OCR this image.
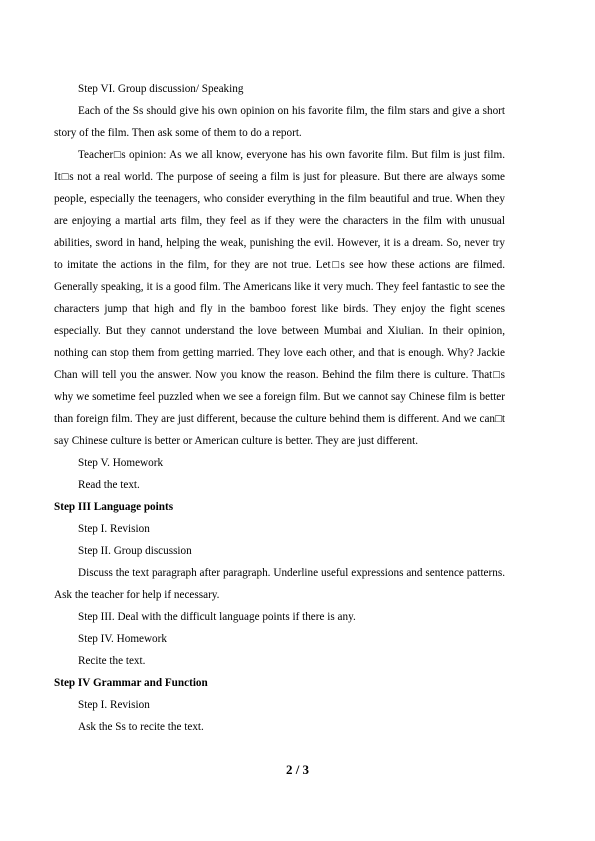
Step VI. Group discussion/ Speaking

Each of the Ss should give his own opinion on his favorite film, the film stars and give a short story of the film. Then ask some of them to do a report.

Teacher□s opinion: As we all know, everyone has his own favorite film. But film is just film. It□s not a real world. The purpose of seeing a film is just for pleasure. But there are always some people, especially the teenagers, who consider everything in the film beautiful and true. When they are enjoying a martial arts film, they feel as if they were the characters in the film with unusual abilities, sword in hand, helping the weak, punishing the evil. However, it is a dream. So, never try to imitate the actions in the film, for they are not true. Let□s see how these actions are filmed. Generally speaking, it is a good film. The Americans like it very much. They feel fantastic to see the characters jump that high and fly in the bamboo forest like birds. They enjoy the fight scenes especially. But they cannot understand the love between Mumbai and Xiulian. In their opinion, nothing can stop them from getting married. They love each other, and that is enough. Why? Jackie Chan will tell you the answer. Now you know the reason. Behind the film there is culture. That□s why we sometime feel puzzled when we see a foreign film. But we cannot say Chinese film is better than foreign film. They are just different, because the culture behind them is different. And we can□t say Chinese culture is better or American culture is better. They are just different.

Step V. Homework

Read the text.

Step III Language points

Step I. Revision

Step II. Group discussion

Discuss the text paragraph after paragraph. Underline useful expressions and sentence patterns. Ask the teacher for help if necessary.

Step III. Deal with the difficult language points if there is any.

Step IV. Homework

Recite the text.

Step IV Grammar and Function

Step I. Revision

Ask the Ss to recite the text.

2 / 3
